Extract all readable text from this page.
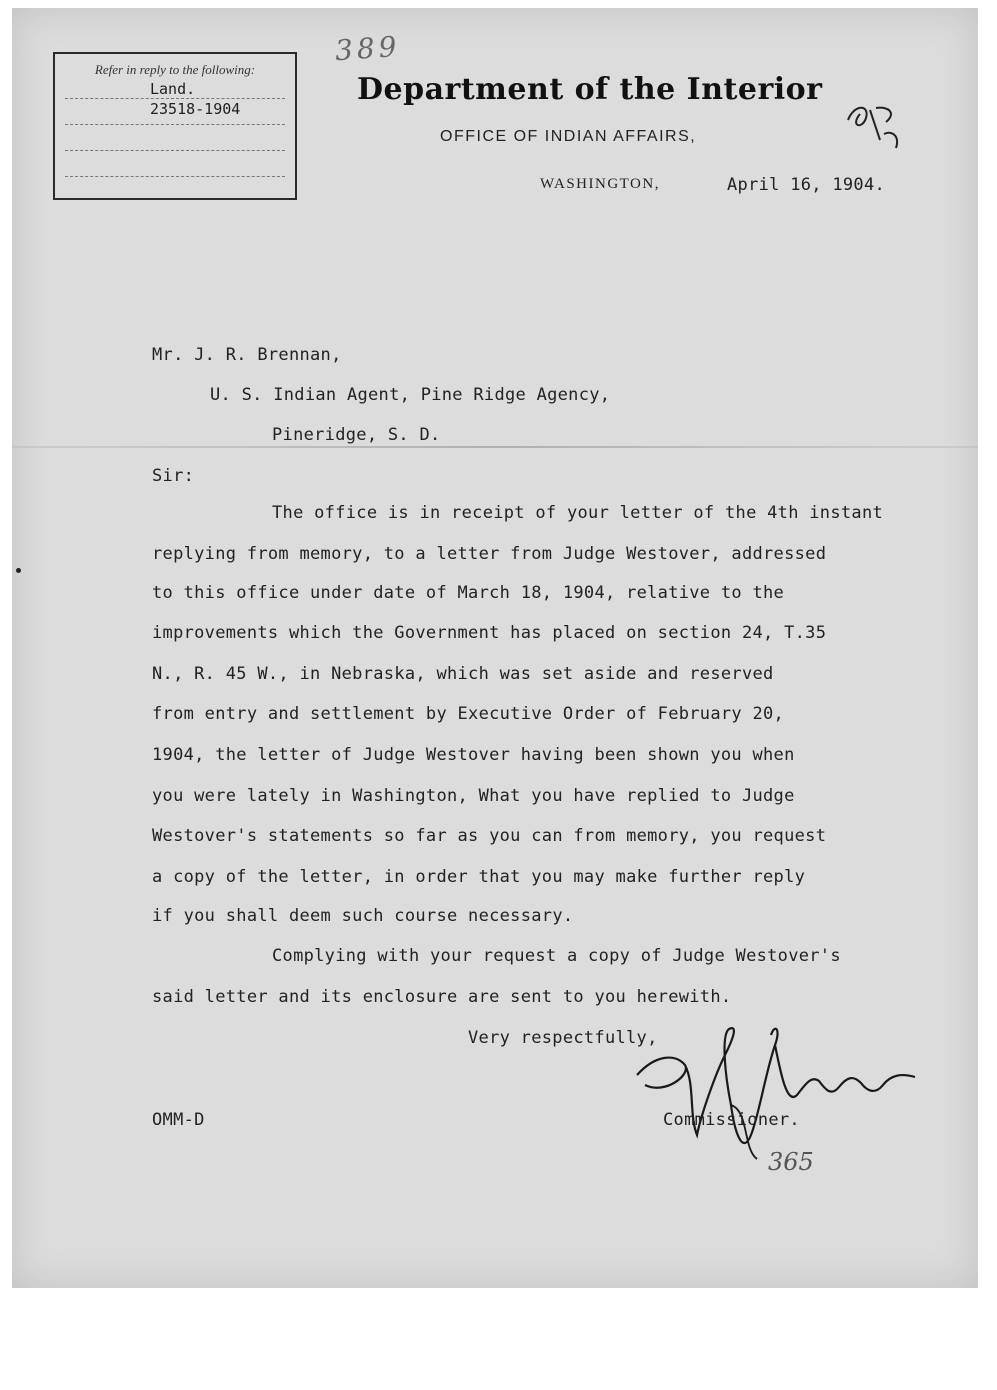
Refer in reply to the following:
Land.
23518-1904
389
Department of the Interior
OFFICE OF INDIAN AFFAIRS,
WASHINGTON,	April 16, 1904.
Mr. J. R. Brennan,
U. S. Indian Agent, Pine Ridge Agency,
Pineridge, S. D.
Sir:
The office is in receipt of your letter of the 4th instant
replying from memory, to a letter from Judge Westover, addressed
to this office under date of March 18, 1904, relative to the
improvements which the Government has placed on section 24, T.35
N., R. 45 W., in Nebraska, which was set aside and reserved
from entry and settlement by Executive Order of February 20,
1904, the letter of Judge Westover having been shown you when
you were lately in Washington, What you have replied to Judge
Westover's statements so far as you can from memory, you request
a copy of the letter, in order that you may make further reply
if you shall deem such course necessary.
Complying with your request a copy of Judge Westover's
said letter and its enclosure are sent to you herewith.
Very respectfully,
Commissioner.
OMM-D
365
